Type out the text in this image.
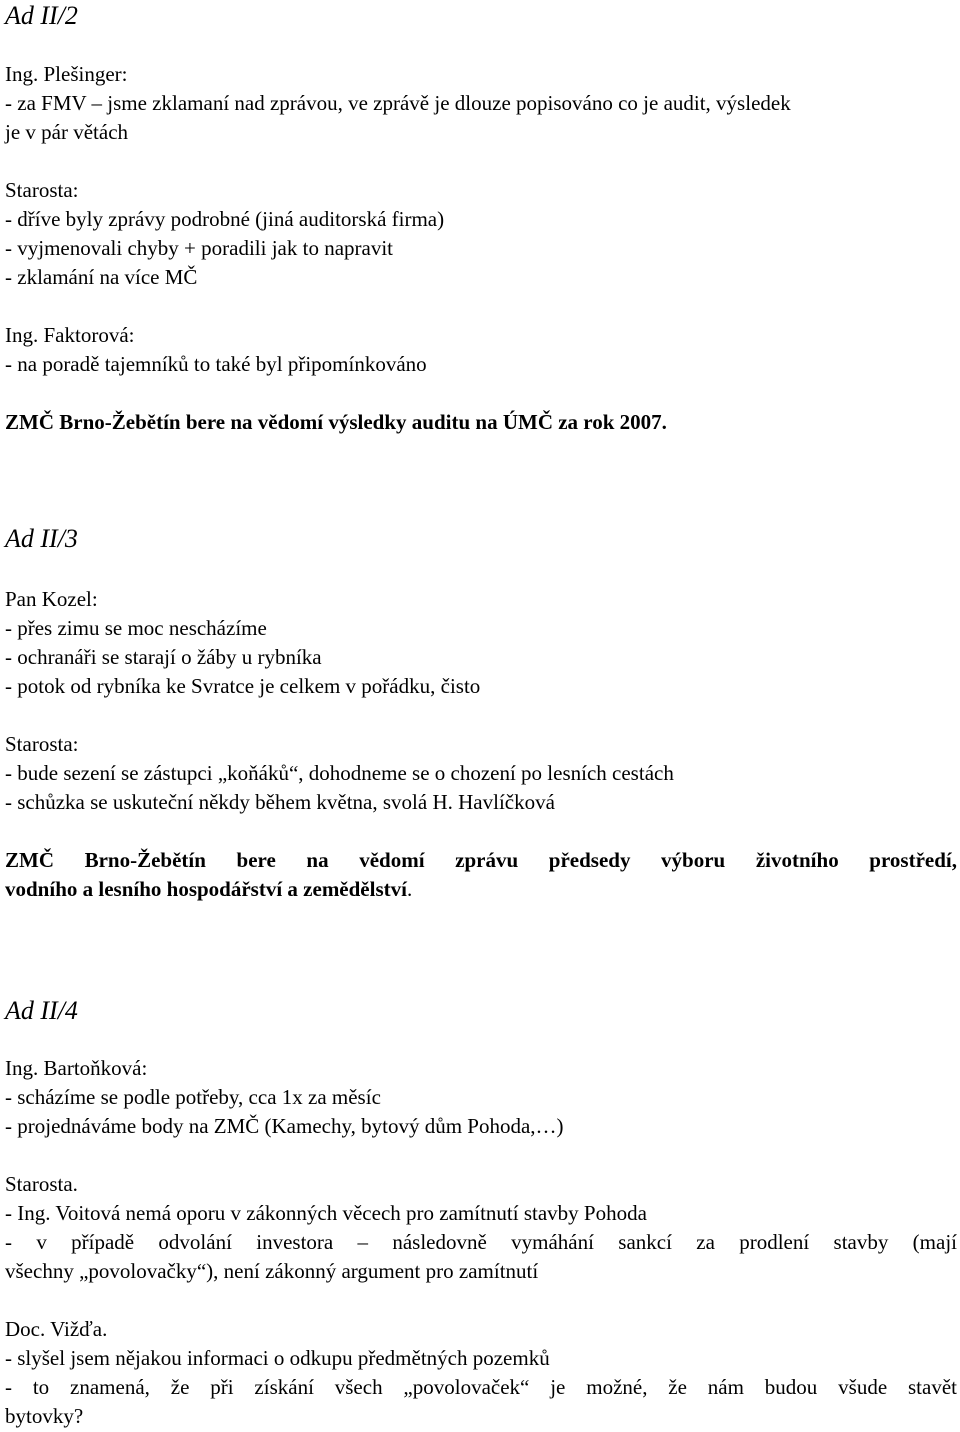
Ad II/2
Ing. Plešinger:
- za FMV – jsme zklamaní nad zprávou, ve zprávě je dlouze popisováno co je audit, výsledek
je v pár větách
Starosta:
- dříve byly zprávy podrobné (jiná auditorská firma)
- vyjmenovali chyby + poradili jak to napravit
- zklamání na více MČ
Ing. Faktorová:
- na poradě tajemníků to také byl připomínkováno
ZMČ Brno-Žebětín bere na vědomí výsledky auditu na ÚMČ za rok 2007.
Ad II/3
Pan Kozel:
- přes zimu se moc nescházíme
- ochranáři se starají o žáby u rybníka
- potok od rybníka ke Svratce je celkem v pořádku, čisto
Starosta:
- bude sezení se zástupci „koňáků“, dohodneme se o chození po lesních cestách
- schůzka se uskuteční někdy během května, svolá H. Havlíčková
ZMČ Brno-Žebětín bere na vědomí zprávu předsedy výboru životního prostředí,
vodního a lesního hospodářství a zemědělství.
Ad II/4
Ing. Bartoňková:
- scházíme se podle potřeby, cca 1x za měsíc
- projednáváme body na ZMČ (Kamechy, bytový dům Pohoda,…)
Starosta.
- Ing. Voitová nemá oporu v zákonných věcech pro zamítnutí stavby Pohoda
- v případě odvolání investora – následovně vymáhání sankcí za prodlení stavby (mají
všechny „povolovačky“), není zákonný argument pro zamítnutí
Doc. Vižďa.
- slyšel jsem nějakou informaci o odkupu předmětných pozemků
- to znamená, že při získání všech „povolovaček“ je možné, že nám budou všude stavět
bytovky?
